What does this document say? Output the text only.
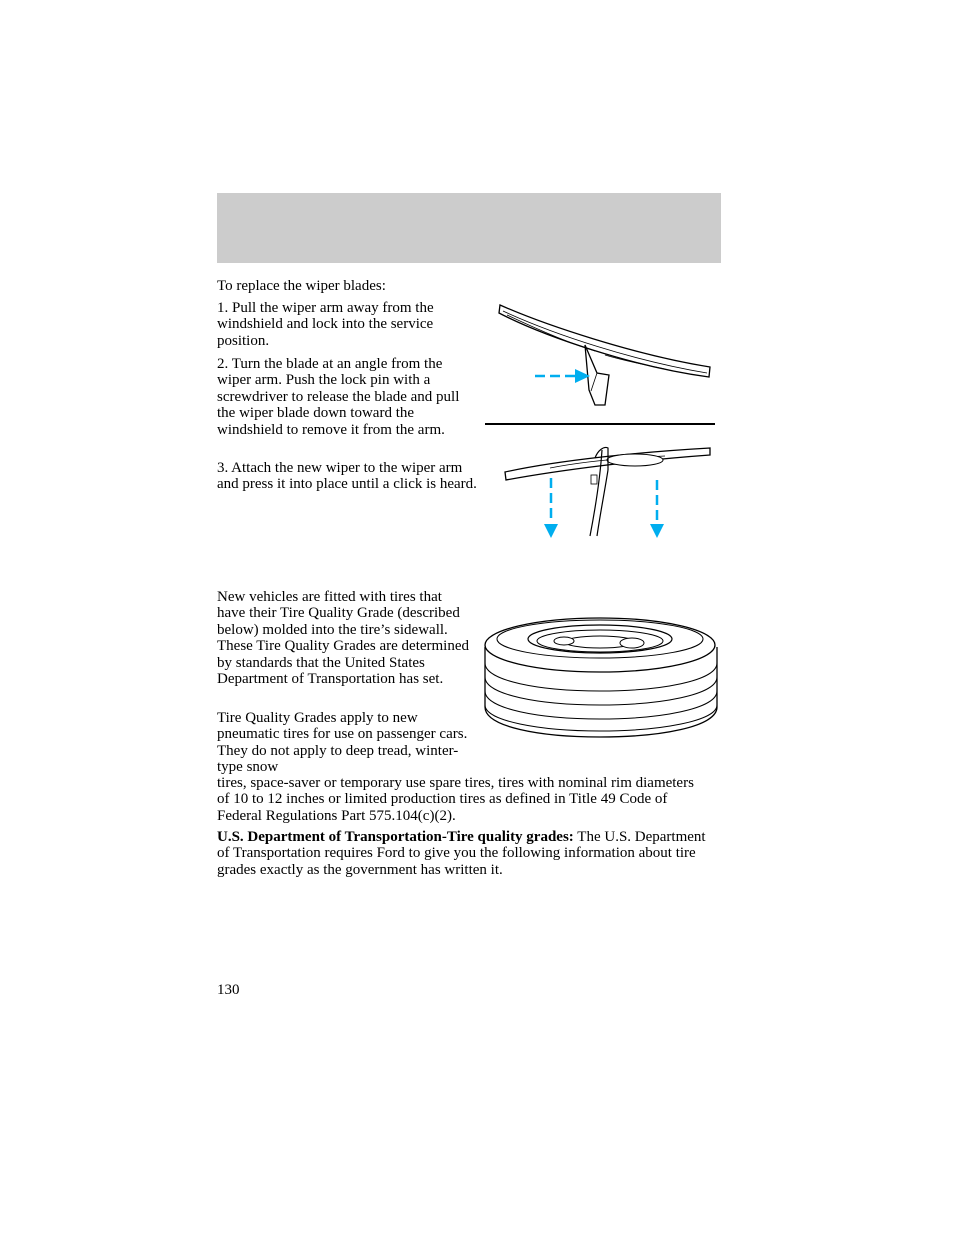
To replace the wiper blades:

1. Pull the wiper arm away from the windshield and lock into the service position.

2. Turn the blade at an angle from the wiper arm. Push the lock pin with a screwdriver to release the blade and pull the wiper blade down toward the windshield to remove it from the arm.

3. Attach the new wiper to the wiper arm and press it into place until a click is heard.

New vehicles are fitted with tires that have their Tire Quality Grade (described below) molded into the tire’s sidewall. These Tire Quality Grades are determined by standards that the United States Department of Transportation has set.

Tire Quality Grades apply to new pneumatic tires for use on passenger cars. They do not apply to deep tread, winter-type snow

tires, space-saver or temporary use spare tires, tires with nominal rim diameters of 10 to 12 inches or limited production tires as defined in Title 49 Code of Federal Regulations Part 575.104(c)(2).

U.S. Department of Transportation-Tire quality grades: The U.S. Department of Transportation requires Ford to give you the following information about tire grades exactly as the government has written it.

130
